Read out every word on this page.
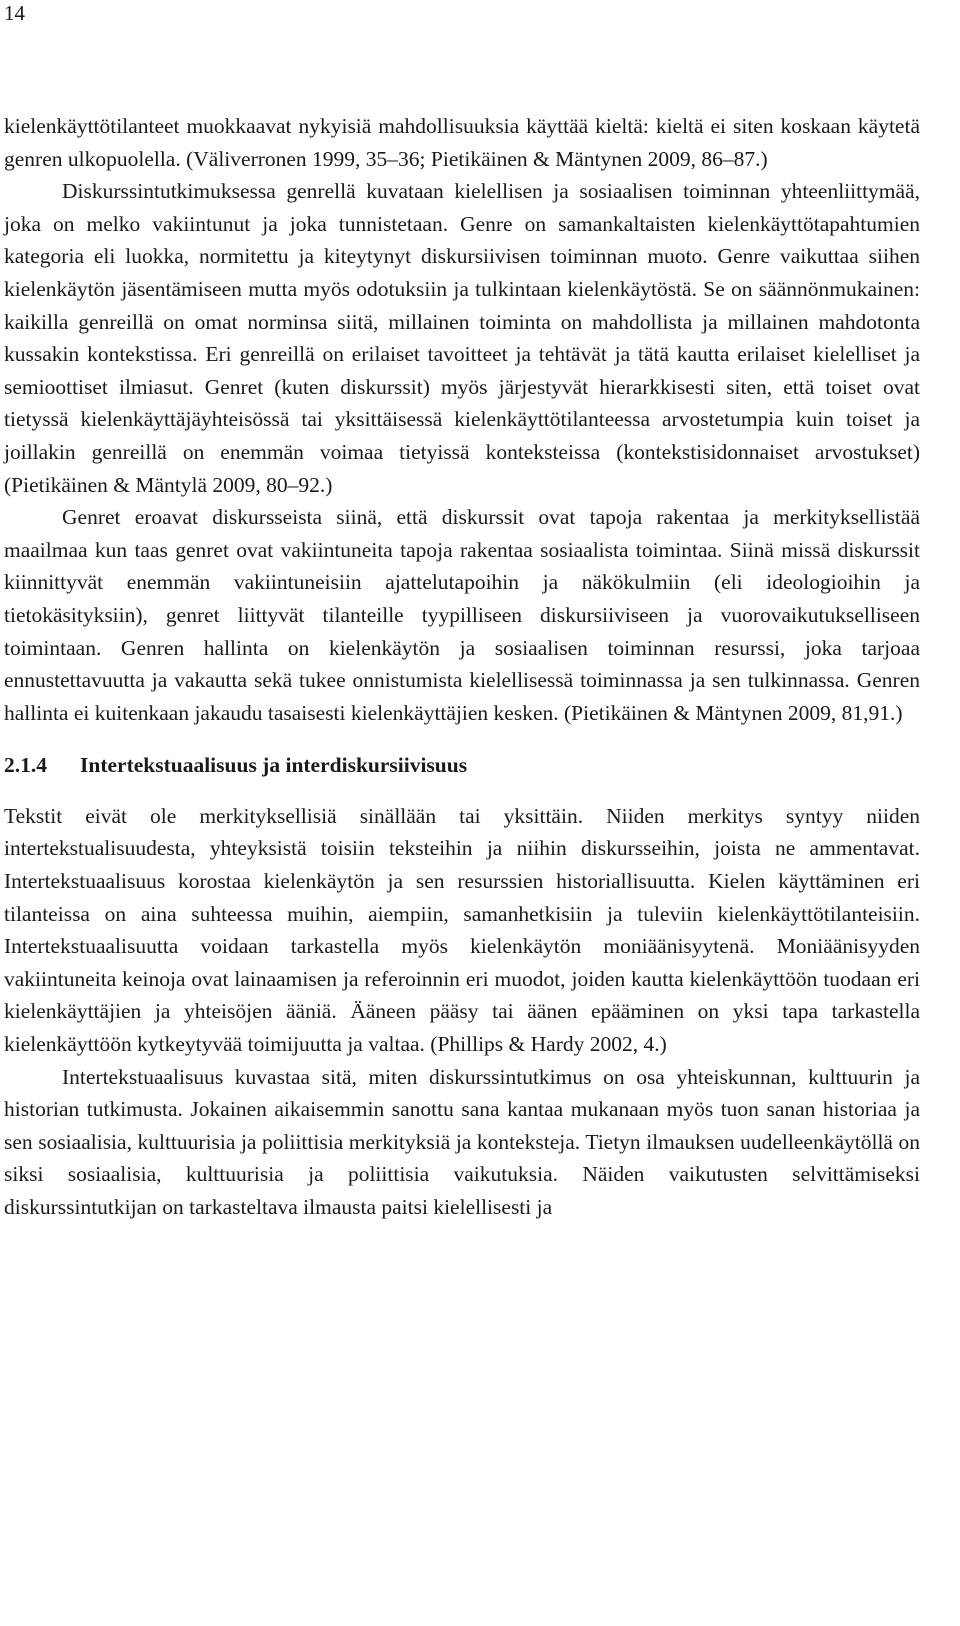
14

kielenkäyttötilanteet muokkaavat nykyisiä mahdollisuuksia käyttää kieltä: kieltä ei siten koskaan käytetä genren ulkopuolella. (Väliverronen 1999, 35–36; Pietikäinen & Mäntynen 2009, 86–87.)

Diskurssintutkimuksessa genrellä kuvataan kielellisen ja sosiaalisen toiminnan yhteenliittymää, joka on melko vakiintunut ja joka tunnistetaan. Genre on samankaltaisten kielenkäyttötapahtumien kategoria eli luokka, normitettu ja kiteytynyt diskursiivisen toiminnan muoto. Genre vaikuttaa siihen kielenkäytön jäsentämiseen mutta myös odotuksiin ja tulkintaan kielenkäytöstä. Se on säännönmukainen: kaikilla genreillä on omat norminsa siitä, millainen toiminta on mahdollista ja millainen mahdotonta kussakin kontekstissa. Eri genreillä on erilaiset tavoitteet ja tehtävät ja tätä kautta erilaiset kielelliset ja semioottiset ilmiasut. Genret (kuten diskurssit) myös järjestyvät hierarkkisesti siten, että toiset ovat tietyssä kielenkäyttäjäyhteisössä tai yksittäisessä kielenkäyttötilanteessa arvostetumpia kuin toiset ja joillakin genreillä on enemmän voimaa tietyissä konteksteissa (kontekstisidonnaiset arvostukset) (Pietikäinen & Mäntylä 2009, 80–92.)

Genret eroavat diskursseista siinä, että diskurssit ovat tapoja rakentaa ja merkityksellistää maailmaa kun taas genret ovat vakiintuneita tapoja rakentaa sosiaalista toimintaa. Siinä missä diskurssit kiinnittyvät enemmän vakiintuneisiin ajattelutapoihin ja näkökulmiin (eli ideologioihin ja tietokäsityksiin), genret liittyvät tilanteille tyypilliseen diskursiiviseen ja vuorovaikutukselliseen toimintaan. Genren hallinta on kielenkäytön ja sosiaalisen toiminnan resurssi, joka tarjoaa ennustettavuutta ja vakautta sekä tukee onnistumista kielellisessä toiminnassa ja sen tulkinnassa. Genren hallinta ei kuitenkaan jakaudu tasaisesti kielenkäyttäjien kesken. (Pietikäinen & Mäntynen 2009, 81,91.)

2.1.4 Intertekstuaalisuus ja interdiskursiivisuus

Tekstit eivät ole merkityksellisiä sinällään tai yksittäin. Niiden merkitys syntyy niiden intertekstualisuudesta, yhteyksistä toisiin teksteihin ja niihin diskursseihin, joista ne ammentavat. Intertekstuaalisuus korostaa kielenkäytön ja sen resurssien historiallisuutta. Kielen käyttäminen eri tilanteissa on aina suhteessa muihin, aiempiin, samanhetkisiin ja tuleviin kielenkäyttötilanteisiin. Intertekstuaalisuutta voidaan tarkastella myös kielenkäytön moniäänisyytenä. Moniäänisyyden vakiintuneita keinoja ovat lainaamisen ja referoinnin eri muodot, joiden kautta kielenkäyttöön tuodaan eri kielenkäyttäjien ja yhteisöjen ääniä. Ääneen pääsy tai äänen epääminen on yksi tapa tarkastella kielenkäyttöön kytkeytyvää toimijuutta ja valtaa. (Phillips & Hardy 2002, 4.)

Intertekstuaalisuus kuvastaa sitä, miten diskurssintutkimus on osa yhteiskunnan, kulttuurin ja historian tutkimusta. Jokainen aikaisemmin sanottu sana kantaa mukanaan myös tuon sanan historiaa ja sen sosiaalisia, kulttuurisia ja poliittisia merkityksiä ja konteksteja. Tietyn ilmauksen uudelleenkäytöllä on siksi sosiaalisia, kulttuurisia ja poliittisia vaikutuksia. Näiden vaikutusten selvittämiseksi diskurssintutkijan on tarkasteltava ilmausta paitsi kielellisesti ja
